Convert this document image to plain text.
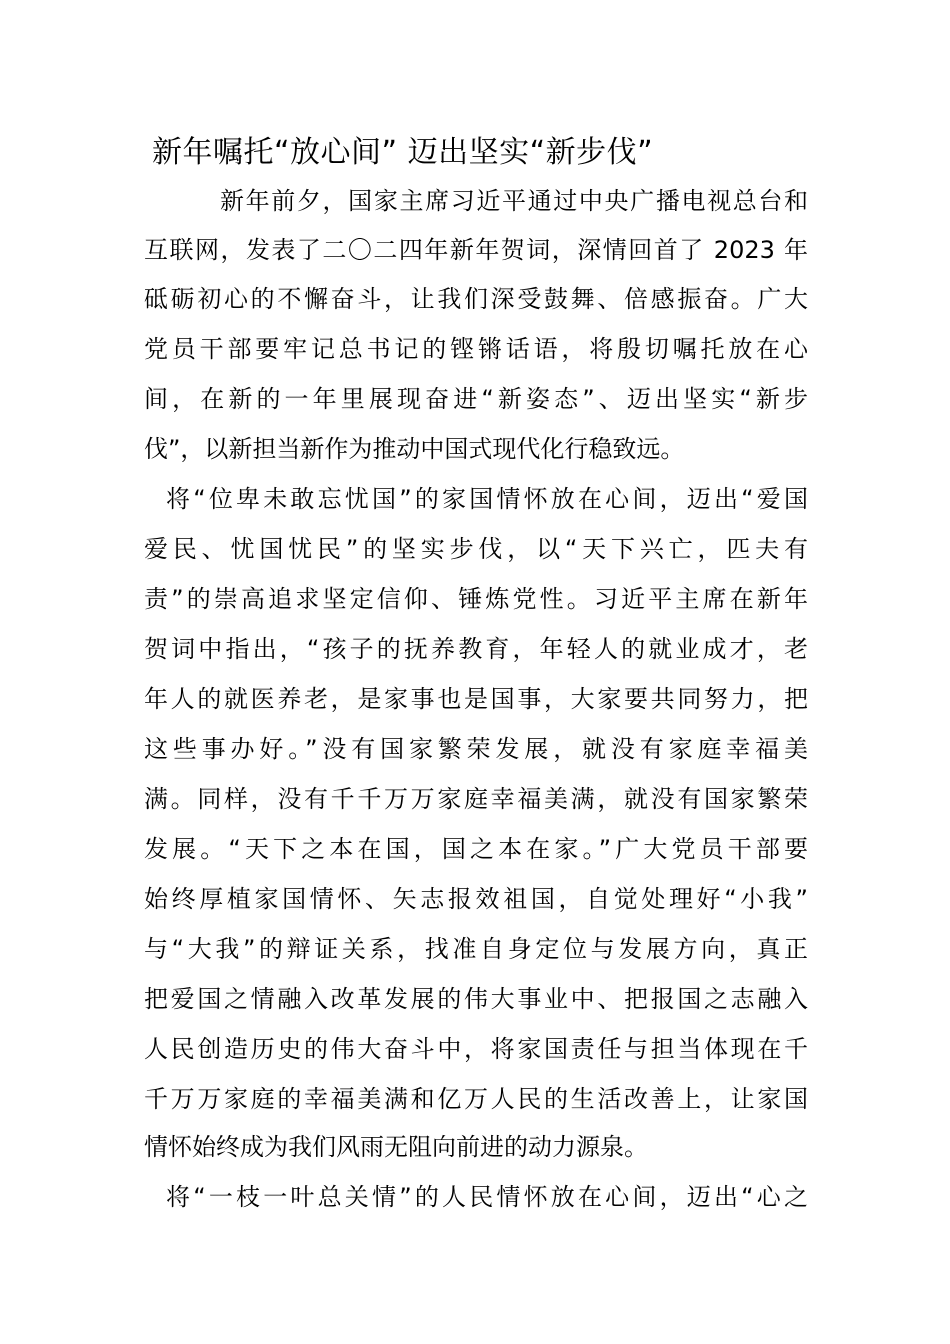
新年嘱托“放心间” 迈出坚实“新步伐”

新年前夕，国家主席习近平通过中央广播电视总台和

互联网，发表了二〇二四年新年贺词，深情回首了 2023 年

砥砺初心的不懈奋斗，让我们深受鼓舞、倍感振奋。广大

党员干部要牢记总书记的铿锵话语，将殷切嘱托放在心

间，在新的一年里展现奋进“新姿态”、迈出坚实“新步

伐”，以新担当新作为推动中国式现代化行稳致远。

将“位卑未敢忘忧国”的家国情怀放在心间，迈出“爱国

爱民、忧国忧民”的坚实步伐，以“天下兴亡，匹夫有

责”的崇高追求坚定信仰、锤炼党性。习近平主席在新年

贺词中指出，“孩子的抚养教育，年轻人的就业成才，老

年人的就医养老，是家事也是国事，大家要共同努力，把

这些事办好。”没有国家繁荣发展，就没有家庭幸福美

满。同样，没有千千万万家庭幸福美满，就没有国家繁荣

发展。“天下之本在国，国之本在家。”广大党员干部要

始终厚植家国情怀、矢志报效祖国，自觉处理好“小我”

与“大我”的辩证关系，找准自身定位与发展方向，真正

把爱国之情融入改革发展的伟大事业中、把报国之志融入

人民创造历史的伟大奋斗中，将家国责任与担当体现在千

千万万家庭的幸福美满和亿万人民的生活改善上，让家国

情怀始终成为我们风雨无阻向前进的动力源泉。

将“一枝一叶总关情”的人民情怀放在心间，迈出“心之
